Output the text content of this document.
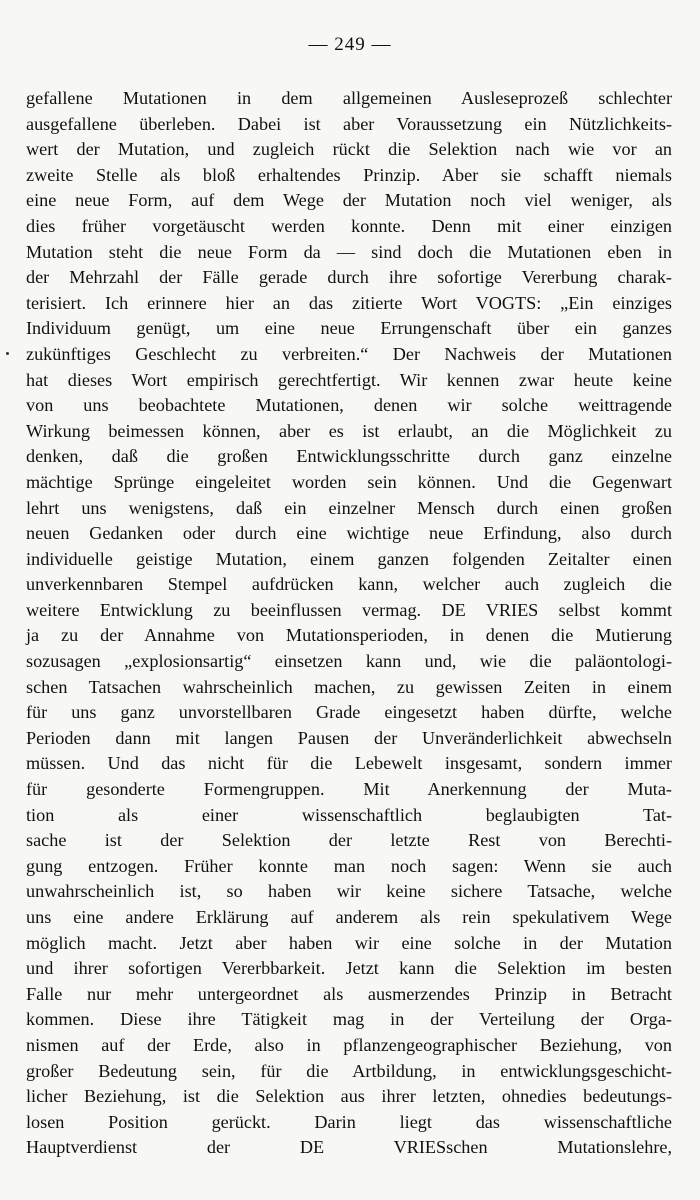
— 249 —
gefallene Mutationen in dem allgemeinen Ausleseprozeß schlechter
ausgefallene überleben. Dabei ist aber Voraussetzung ein Nützlichkeits-
wert der Mutation, und zugleich rückt die Selektion nach wie vor an
zweite Stelle als bloß erhaltendes Prinzip. Aber sie schafft niemals
eine neue Form, auf dem Wege der Mutation noch viel weniger, als
dies früher vorgetäuscht werden konnte. Denn mit einer einzigen
Mutation steht die neue Form da — sind doch die Mutationen eben in
der Mehrzahl der Fälle gerade durch ihre sofortige Vererbung charak-
terisiert. Ich erinnere hier an das zitierte Wort VOGTS: „Ein einziges
Individuum genügt, um eine neue Errungenschaft über ein ganzes
zukünftiges Geschlecht zu verbreiten.“ Der Nachweis der Mutationen
hat dieses Wort empirisch gerechtfertigt. Wir kennen zwar heute keine
von uns beobachtete Mutationen, denen wir solche weittragende
Wirkung beimessen können, aber es ist erlaubt, an die Möglichkeit zu
denken, daß die großen Entwicklungsschritte durch ganz einzelne
mächtige Sprünge eingeleitet worden sein können. Und die Gegenwart
lehrt uns wenigstens, daß ein einzelner Mensch durch einen großen
neuen Gedanken oder durch eine wichtige neue Erfindung, also durch
individuelle geistige Mutation, einem ganzen folgenden Zeitalter einen
unverkennbaren Stempel aufdrücken kann, welcher auch zugleich die
weitere Entwicklung zu beeinflussen vermag. DE VRIES selbst kommt
ja zu der Annahme von Mutationsperioden, in denen die Mutierung
sozusagen „explosionsartig“ einsetzen kann und, wie die paläontologi-
schen Tatsachen wahrscheinlich machen, zu gewissen Zeiten in einem
für uns ganz unvorstellbaren Grade eingesetzt haben dürfte, welche
Perioden dann mit langen Pausen der Unveränderlichkeit abwechseln
müssen. Und das nicht für die Lebewelt insgesamt, sondern immer
für gesonderte Formengruppen. Mit Anerkennung der Muta-
tion als einer wissenschaftlich beglaubigten Tat-
sache ist der Selektion der letzte Rest von Berechti-
gung entzogen. Früher konnte man noch sagen: Wenn sie auch
unwahrscheinlich ist, so haben wir keine sichere Tatsache, welche
uns eine andere Erklärung auf anderem als rein spekulativem Wege
möglich macht. Jetzt aber haben wir eine solche in der Mutation
und ihrer sofortigen Vererbbarkeit. Jetzt kann die Selektion im besten
Falle nur mehr untergeordnet als ausmerzendes Prinzip in Betracht
kommen. Diese ihre Tätigkeit mag in der Verteilung der Orga-
nismen auf der Erde, also in pflanzengeographischer Beziehung, von
großer Bedeutung sein, für die Artbildung, in entwicklungsgeschicht-
licher Beziehung, ist die Selektion aus ihrer letzten, ohnedies bedeutungs-
losen Position gerückt. Darin liegt das wissenschaftliche
Hauptverdienst der DE VRIESschen Mutationslehre,
